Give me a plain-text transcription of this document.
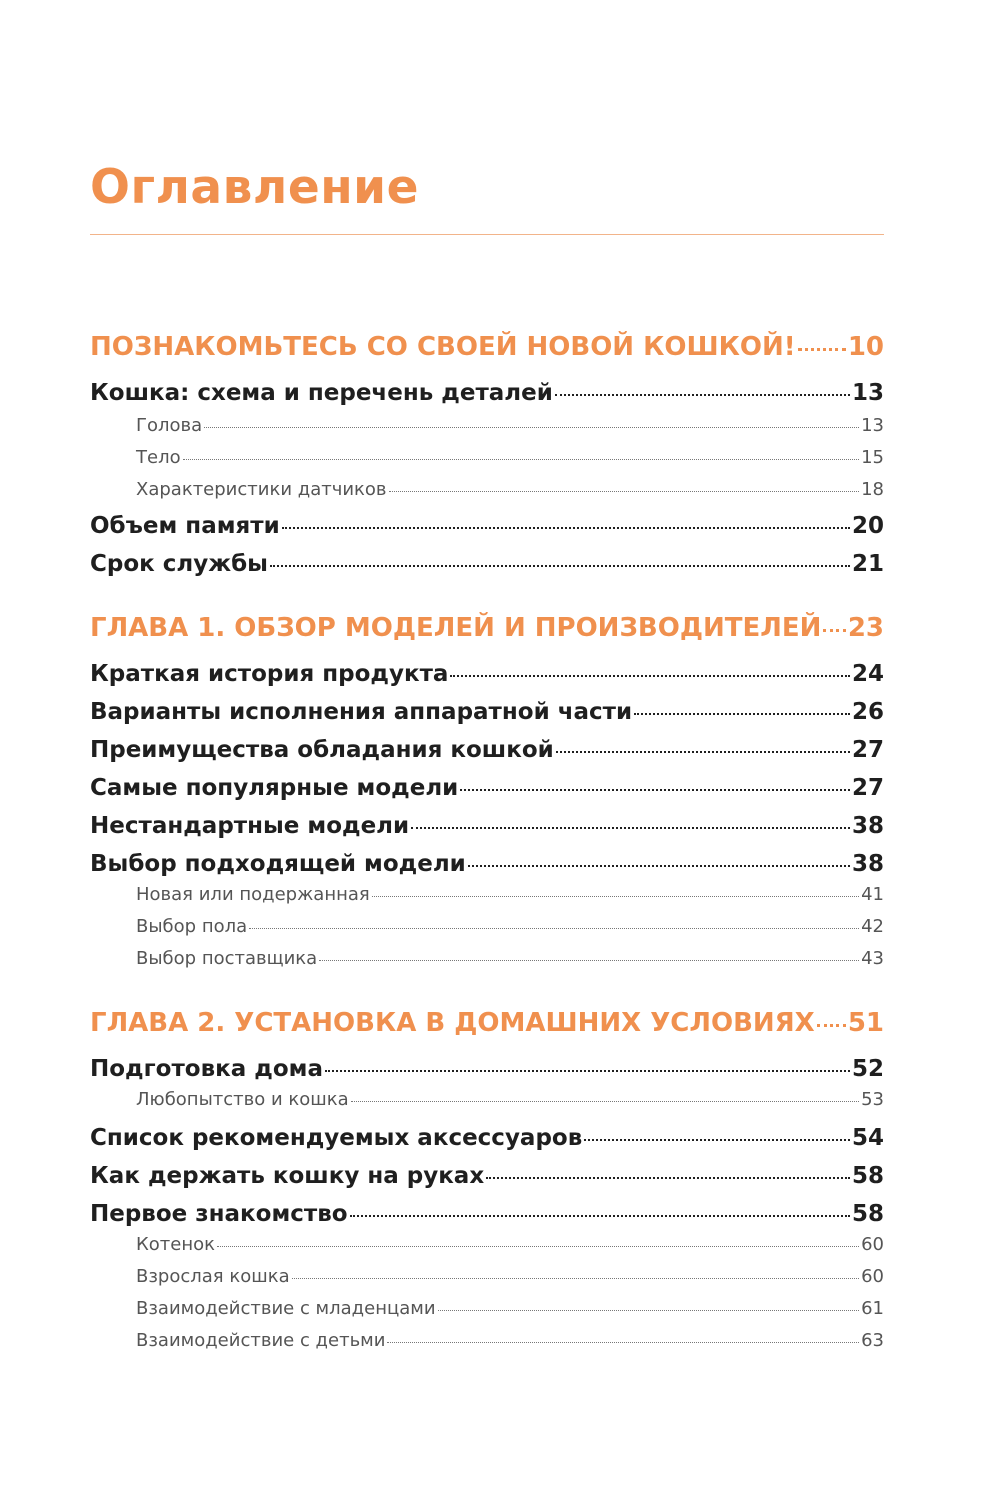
Оглавление
ПОЗНАКОМЬТЕСЬ СО СВОЕЙ НОВОЙ КОШКОЙ! 10
Кошка: схема и перечень деталей	13
Голова	13
Тело	15
Характеристики датчиков	18
Объем памяти	20
Срок службы	21
ГЛАВА 1. ОБЗОР МОДЕЛЕЙ И ПРОИЗВОДИТЕЛЕЙ 23
Краткая история продукта	24
Варианты исполнения аппаратной части	26
Преимущества обладания кошкой	27
Самые популярные модели	27
Нестандартные модели	38
Выбор подходящей модели	38
Новая или подержанная	41
Выбор пола	42
Выбор поставщика	43
ГЛАВА 2. УСТАНОВКА В ДОМАШНИХ УСЛОВИЯХ 51
Подготовка дома	52
Любопытство и кошка	53
Список рекомендуемых аксессуаров	54
Как держать кошку на руках	58
Первое знакомство	58
Котенок	60
Взрослая кошка	60
Взаимодействие с младенцами	61
Взаимодействие с детьми	63
